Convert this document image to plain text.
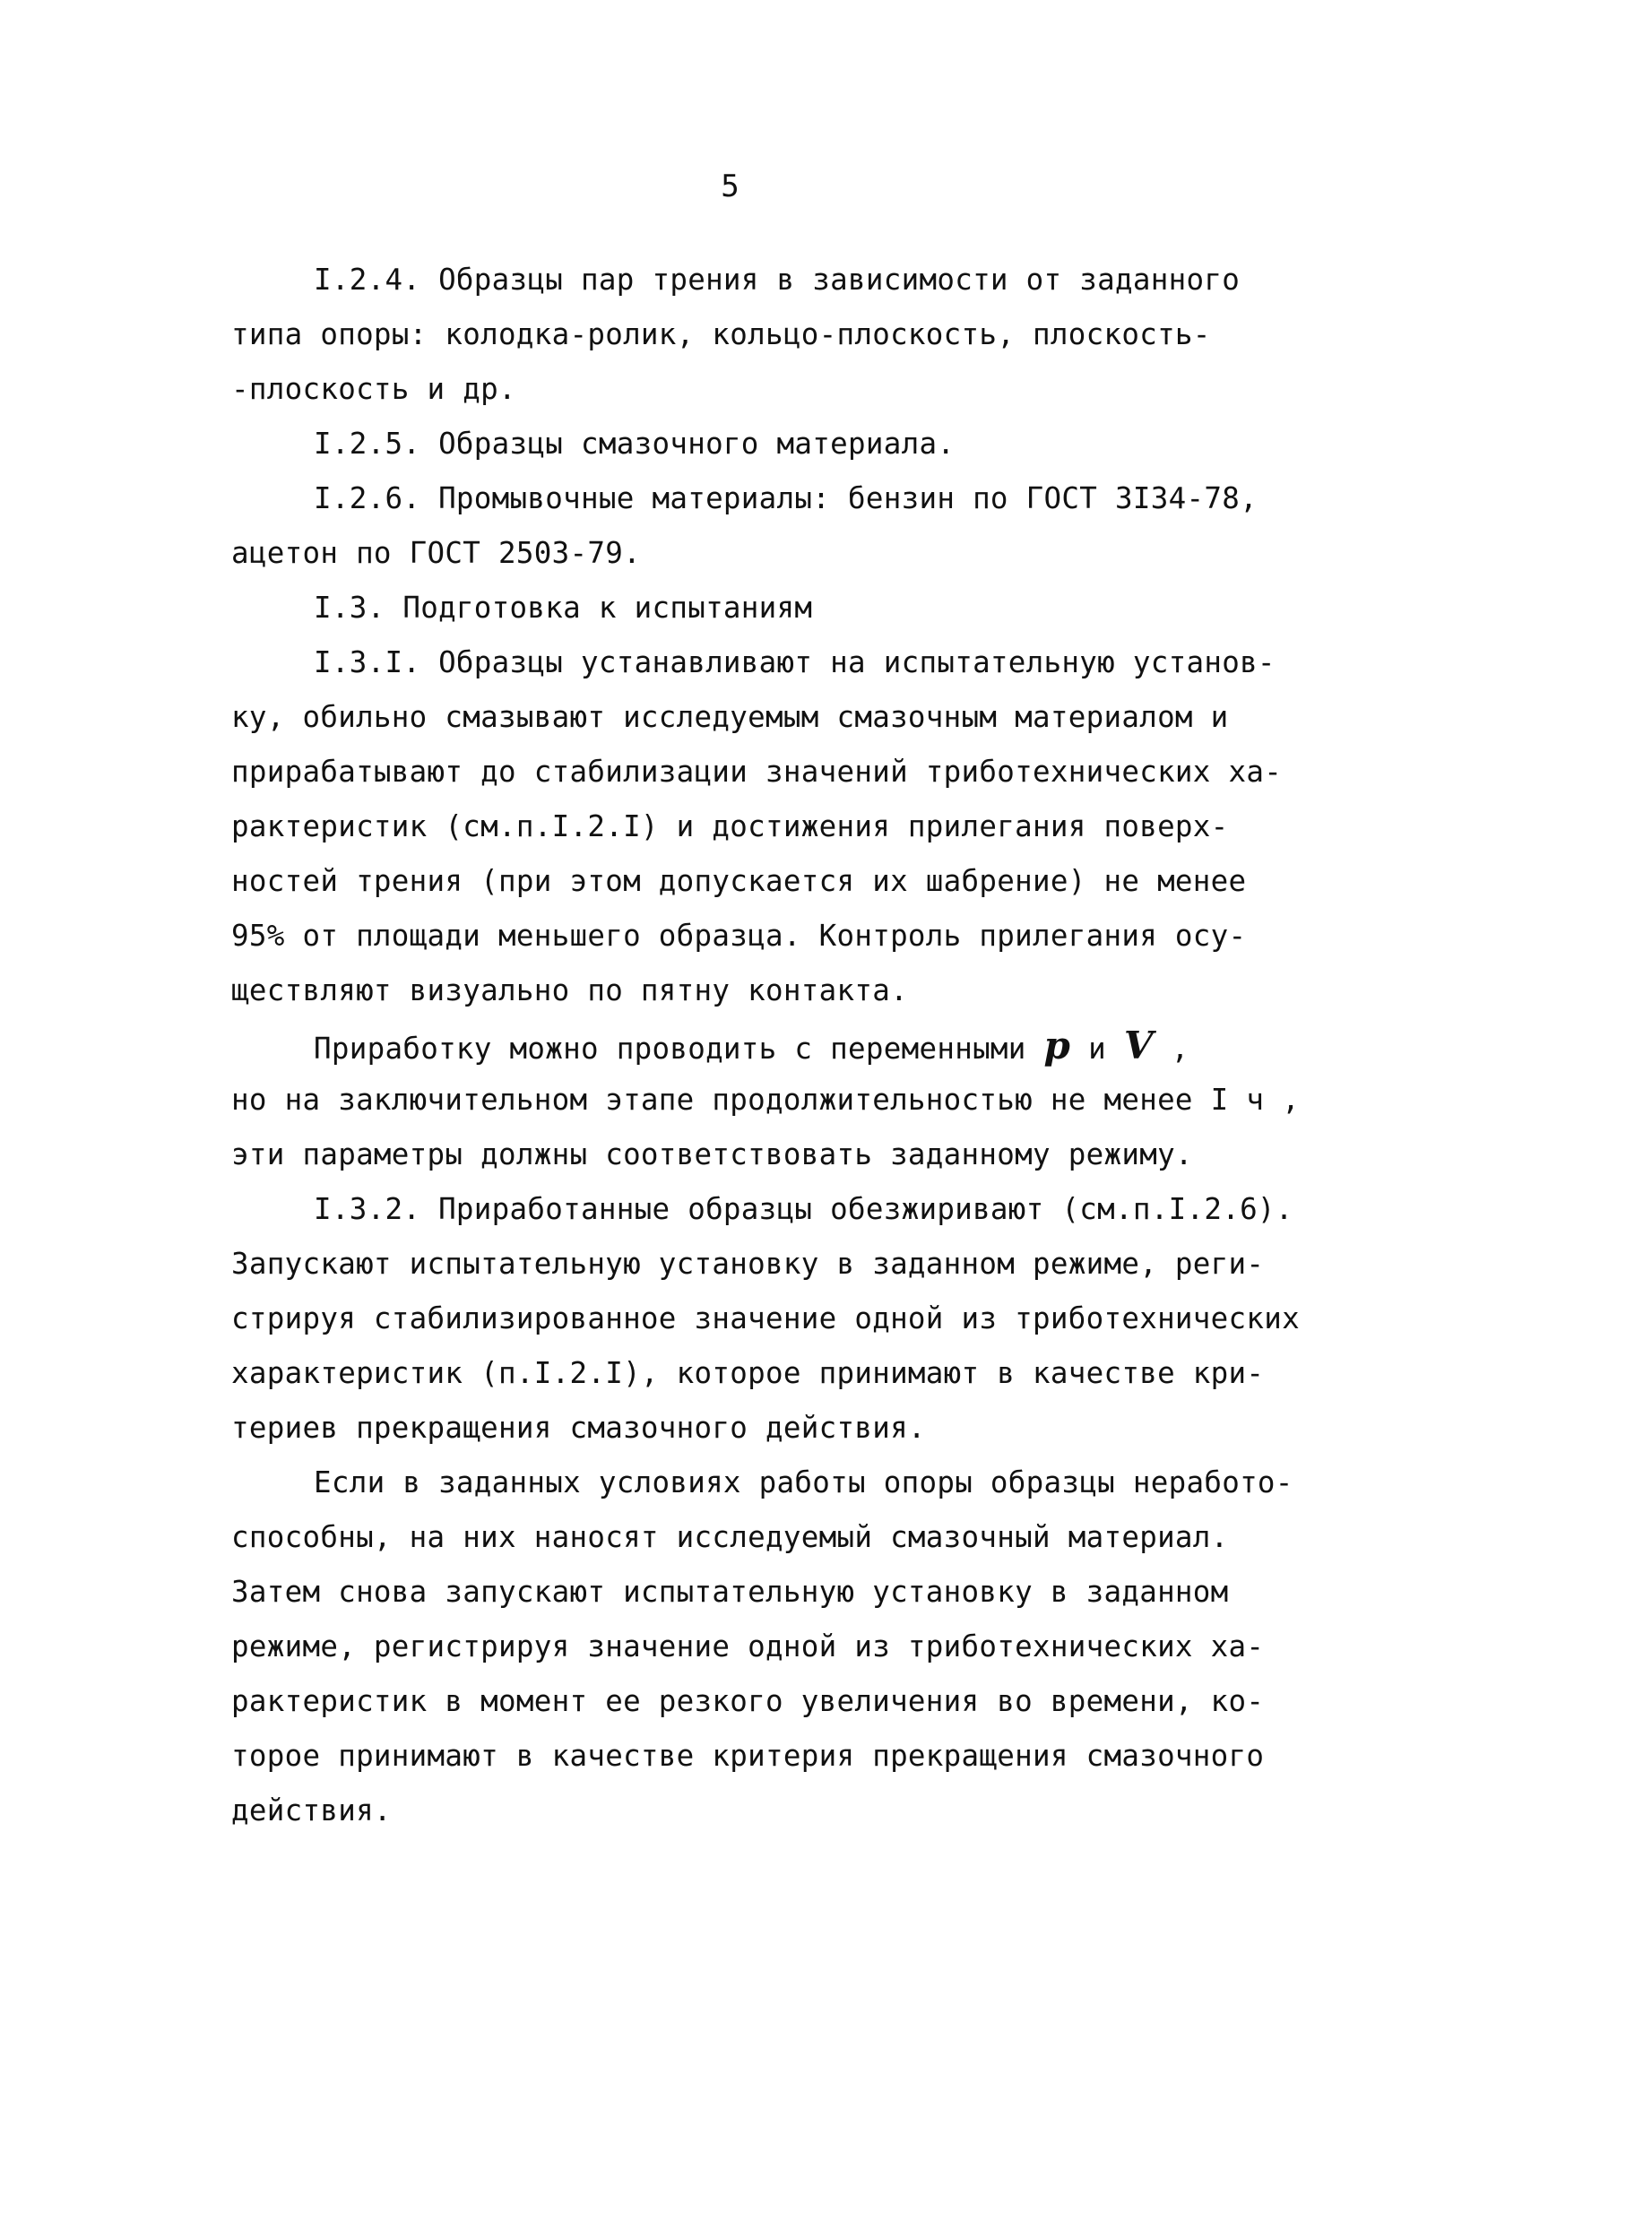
5
I.2.4. Образцы пар трения в зависимости от заданного
типа опоры: колодка-ролик, кольцо-плоскость, плоскость-
-плоскость и др.
I.2.5. Образцы смазочного материала.
I.2.6. Промывочные материалы: бензин по ГОСТ 3I34-78,
ацетон по ГОСТ 2503-79.
I.3. Подготовка к испытаниям
I.3.I. Образцы устанавливают на испытательную установ-
ку, обильно смазывают исследуемым смазочным материалом и
прирабатывают до стабилизации значений триботехнических ха-
рактеристик (см.п.I.2.I) и достижения прилегания поверх-
ностей трения (при этом допускается их шабрение) не менее
95% от площади меньшего образца. Контроль прилегания осу-
ществляют визуально по пятну контакта.
Приработку можно проводить с переменными p и V ,
но на заключительном этапе продолжительностью не менее I ч ,
эти параметры должны соответствовать заданному режиму.
I.3.2. Приработанные образцы обезжиривают (см.п.I.2.6).
Запускают испытательную установку в заданном режиме, реги-
стрируя стабилизированное значение одной из триботехнических
характеристик (п.I.2.I), которое принимают в качестве кри-
териев прекращения смазочного действия.
Если в заданных условиях работы опоры образцы неработо-
способны, на них наносят исследуемый смазочный материал.
Затем снова запускают испытательную установку в заданном
режиме, регистрируя значение одной из триботехнических ха-
рактеристик в момент ее резкого увеличения во времени, ко-
торое принимают в качестве критерия прекращения смазочного
действия.
